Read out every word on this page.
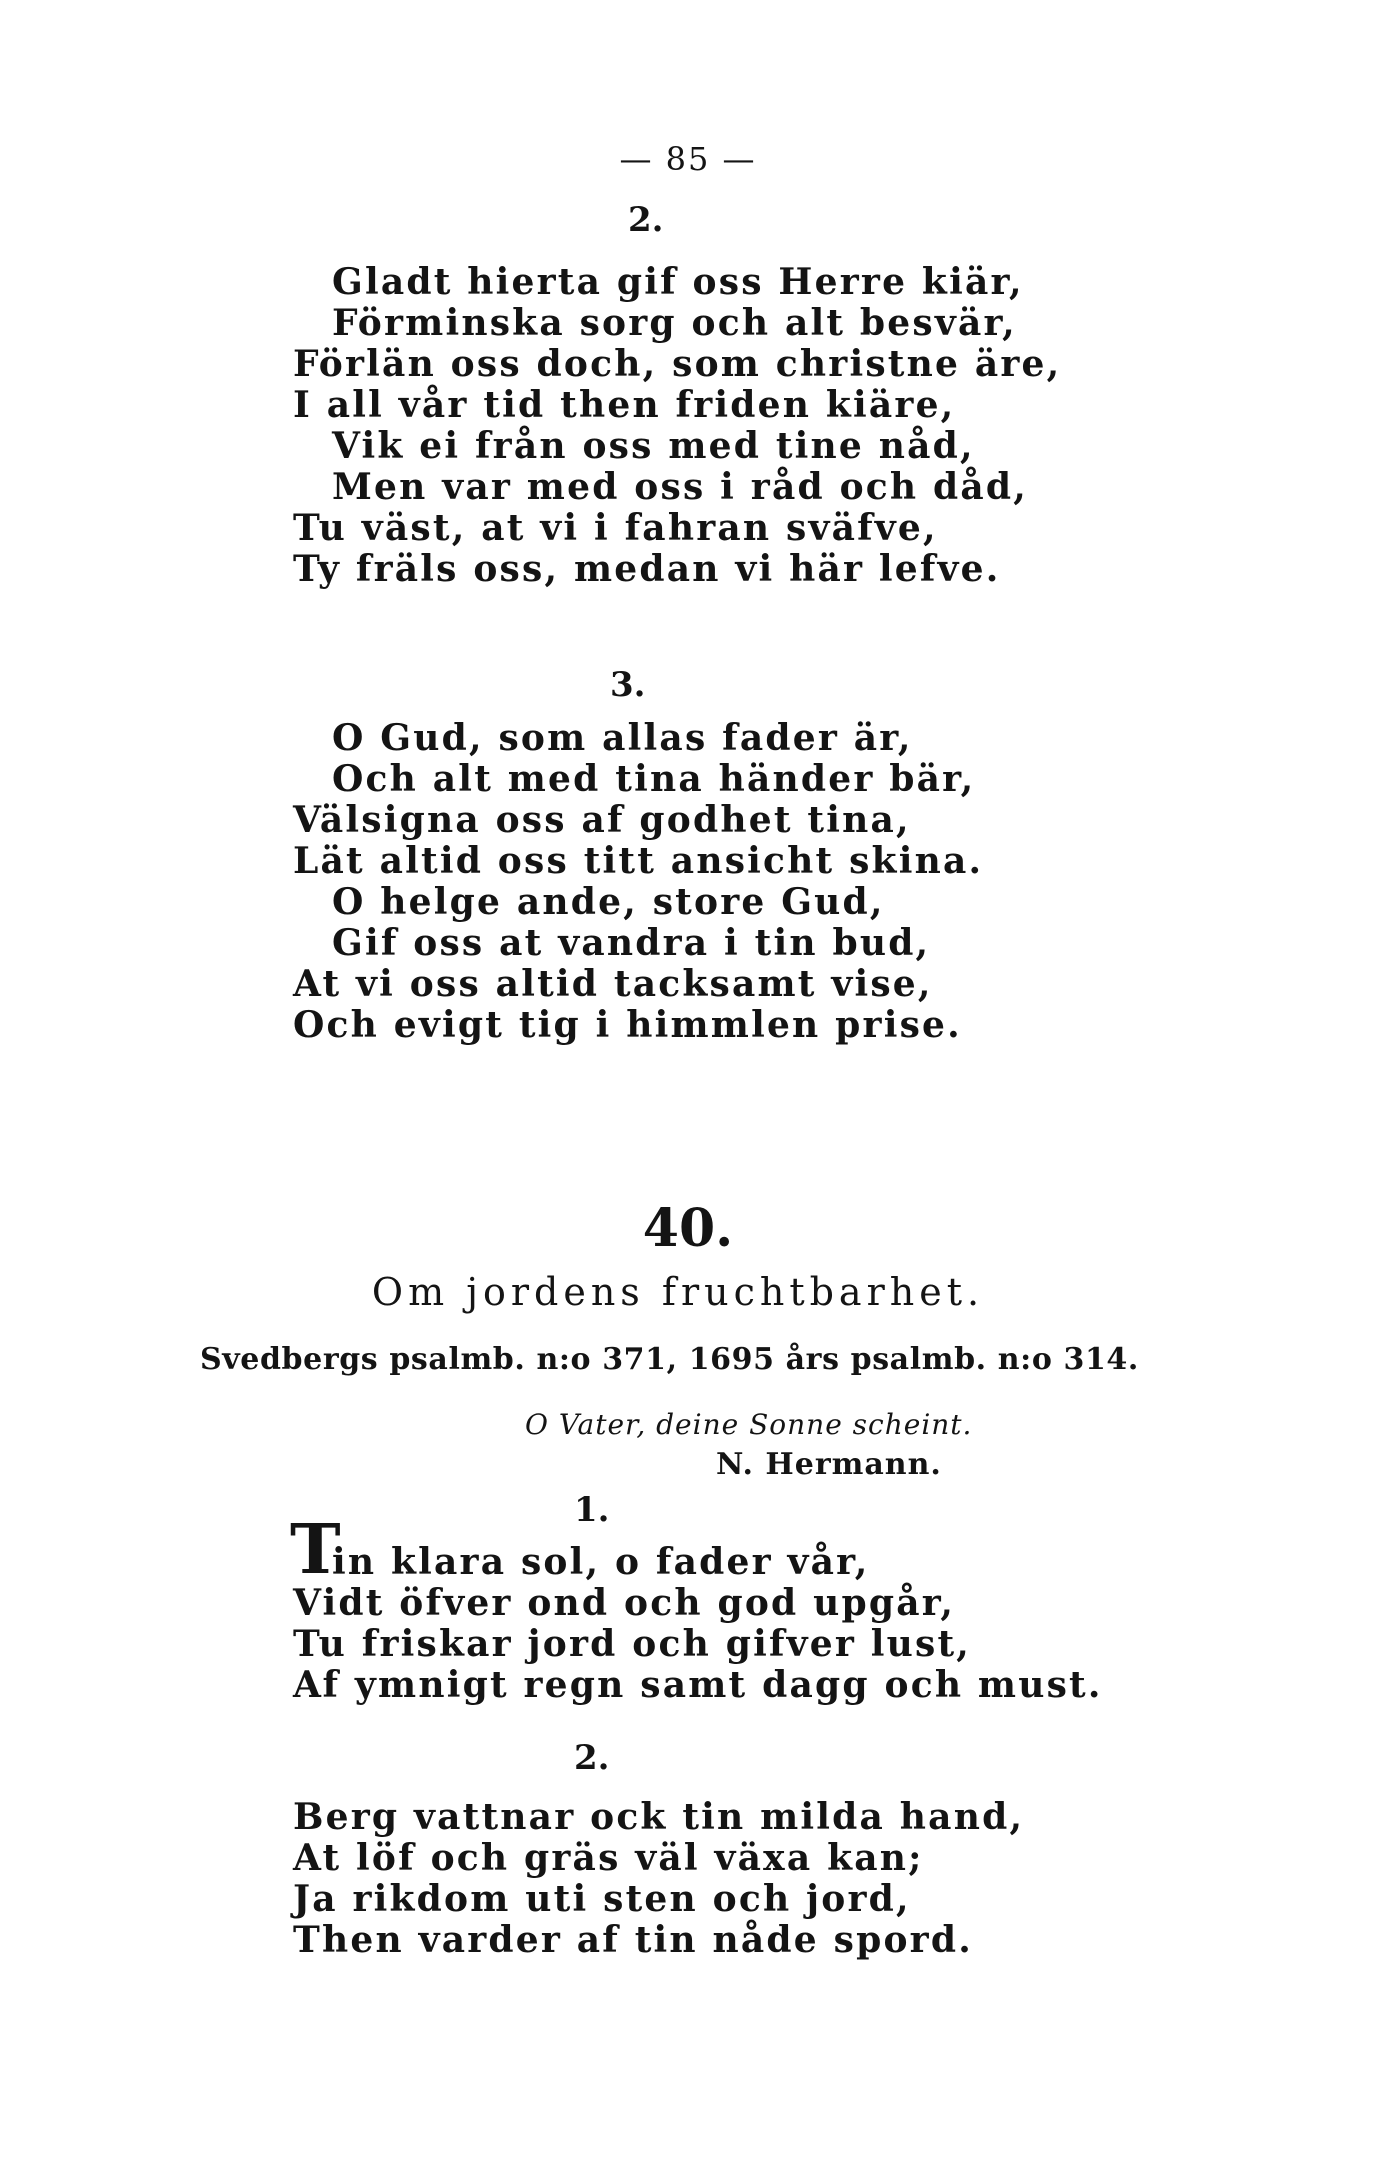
— 85 —
2.
Gladt hierta gif oss Herre kiär,
Förminska sorg och alt besvär,
Förlän oss doch, som christne äre,
I all vår tid then friden kiäre,
Vik ei från oss med tine nåd,
Men var med oss i råd och dåd,
Tu väst, at vi i fahran sväfve,
Ty fräls oss, medan vi här lefve.
3.
O Gud, som allas fader är,
Och alt med tina händer bär,
Välsigna oss af godhet tina,
Lät altid oss titt ansicht skina.
O helge ande, store Gud,
Gif oss at vandra i tin bud,
At vi oss altid tacksamt vise,
Och evigt tig i himmlen prise.
40.
Om jordens fruchtbarhet.
Svedbergs psalmb. n:o 371, 1695 års psalmb. n:o 314.
O Vater, deine Sonne scheint.
N. Hermann.
1.
T
in klara sol, o fader vår,
Vidt öfver ond och god upgår,
Tu friskar jord och gifver lust,
Af ymnigt regn samt dagg och must.
2.
Berg vattnar ock tin milda hand,
At löf och gräs väl växa kan;
Ja rikdom uti sten och jord,
Then varder af tin nåde spord.
